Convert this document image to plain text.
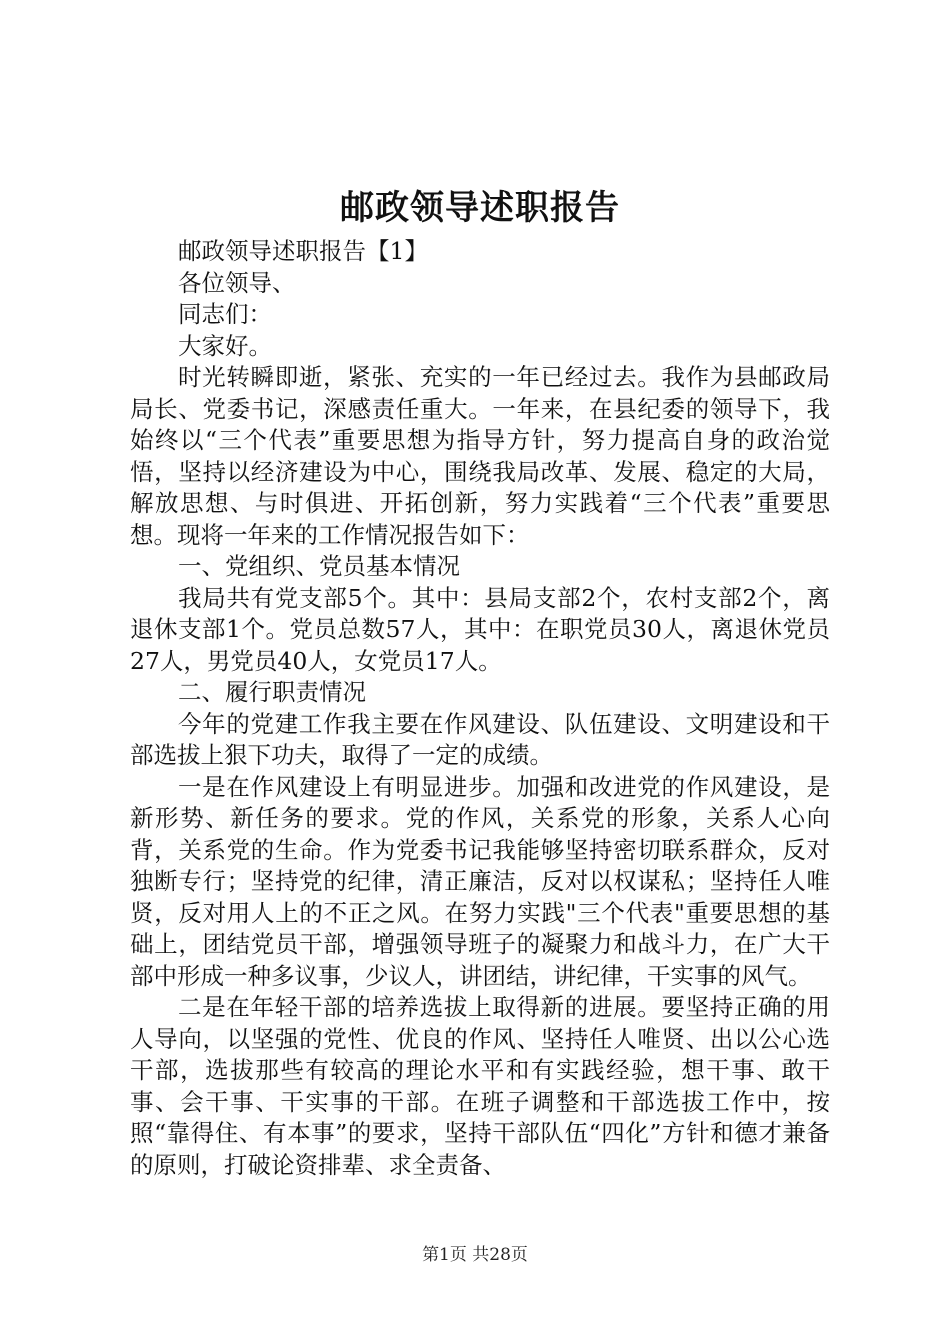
邮政领导述职报告

邮政领导述职报告【1】

各位领导、

同志们：

大家好。

时光转瞬即逝，紧张、充实的一年已经过去。我作为县邮政局局长、党委书记，深感责任重大。一年来，在县纪委的领导下，我始终以“三个代表”重要思想为指导方针，努力提高自身的政治觉悟，坚持以经济建设为中心，围绕我局改革、发展、稳定的大局，解放思想、与时俱进、开拓创新，努力实践着“三个代表”重要思想。现将一年来的工作情况报告如下：

一、党组织、党员基本情况

我局共有党支部5个。其中：县局支部2个，农村支部2个，离退休支部1个。党员总数57人，其中：在职党员30人，离退休党员27人，男党员40人，女党员17人。

二、履行职责情况

今年的党建工作我主要在作风建设、队伍建设、文明建设和干部选拔上狠下功夫，取得了一定的成绩。

一是在作风建设上有明显进步。加强和改进党的作风建设，是新形势、新任务的要求。党的作风，关系党的形象，关系人心向背，关系党的生命。作为党委书记我能够坚持密切联系群众，反对独断专行；坚持党的纪律，清正廉洁，反对以权谋私；坚持任人唯贤，反对用人上的不正之风。在努力实践"三个代表"重要思想的基础上，团结党员干部，增强领导班子的凝聚力和战斗力，在广大干部中形成一种多议事，少议人，讲团结，讲纪律，干实事的风气。

二是在年轻干部的培养选拔上取得新的进展。要坚持正确的用人导向，以坚强的党性、优良的作风、坚持任人唯贤、出以公心选干部，选拔那些有较高的理论水平和有实践经验，想干事、敢干事、会干事、干实事的干部。在班子调整和干部选拔工作中，按照“靠得住、有本事”的要求，坚持干部队伍“四化”方针和德才兼备的原则，打破论资排辈、求全责备、

第1页 共28页
